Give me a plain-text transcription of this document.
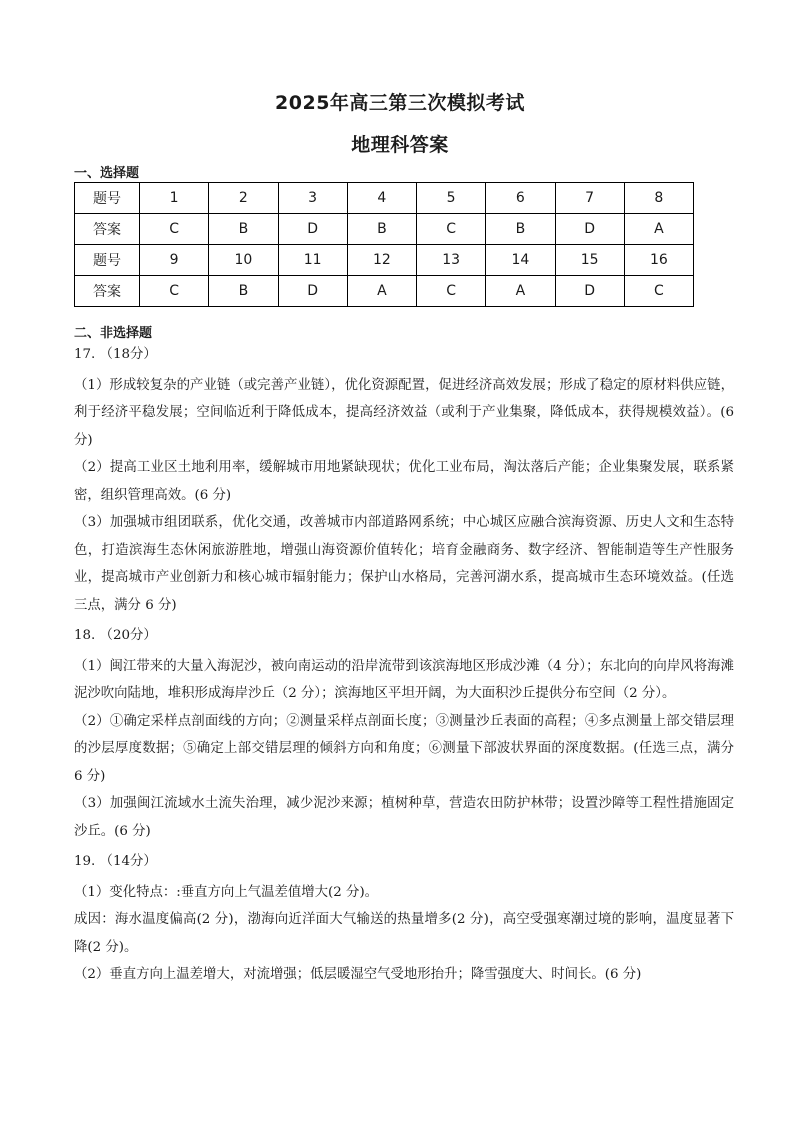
2025年高三第三次模拟考试
地理科答案
一、选择题
题号	1	2	3	4	5	6	7	8
答案	C	B	D	B	C	B	D	A
题号	9	10	11	12	13	14	15	16
答案	C	B	D	A	C	A	D	C
二、非选择题

17. （18分）

（1）形成较复杂的产业链（或完善产业链），优化资源配置，促进经济高效发展；形成了稳定的原材料供应链，利于经济平稳发展；空间临近利于降低成本，提高经济效益（或利于产业集聚，降低成本，获得规模效益）。(6 分)

（2）提高工业区土地利用率，缓解城市用地紧缺现状；优化工业布局，淘汰落后产能；企业集聚发展，联系紧密，组织管理高效。(6 分)

（3）加强城市组团联系，优化交通，改善城市内部道路网系统；中心城区应融合滨海资源、历史人文和生态特色，打造滨海生态休闲旅游胜地，增强山海资源价值转化；培育金融商务、数字经济、智能制造等生产性服务业，提高城市产业创新力和核心城市辐射能力；保护山水格局，完善河湖水系，提高城市生态环境效益。(任选三点，满分 6 分)

18. （20分）

（1）闽江带来的大量入海泥沙，被向南运动的沿岸流带到该滨海地区形成沙滩（4 分）；东北向的向岸风将海滩泥沙吹向陆地，堆积形成海岸沙丘（2 分）；滨海地区平坦开阔，为大面积沙丘提供分布空间（2 分）。

（2）①确定采样点剖面线的方向；②测量采样点剖面长度；③测量沙丘表面的高程；④多点测量上部交错层理的沙层厚度数据；⑤确定上部交错层理的倾斜方向和角度；⑥测量下部波状界面的深度数据。(任选三点，满分 6 分)

（3）加强闽江流域水土流失治理，减少泥沙来源；植树种草，营造农田防护林带；设置沙障等工程性措施固定沙丘。(6 分)

19. （14分）

（1）变化特点：:垂直方向上气温差值增大(2 分)。

成因：海水温度偏高(2 分)，渤海向近洋面大气输送的热量增多(2 分)，高空受强寒潮过境的影响，温度显著下降(2 分)。

（2）垂直方向上温差增大，对流增强；低层暖湿空气受地形抬升；降雪强度大、时间长。(6 分)
